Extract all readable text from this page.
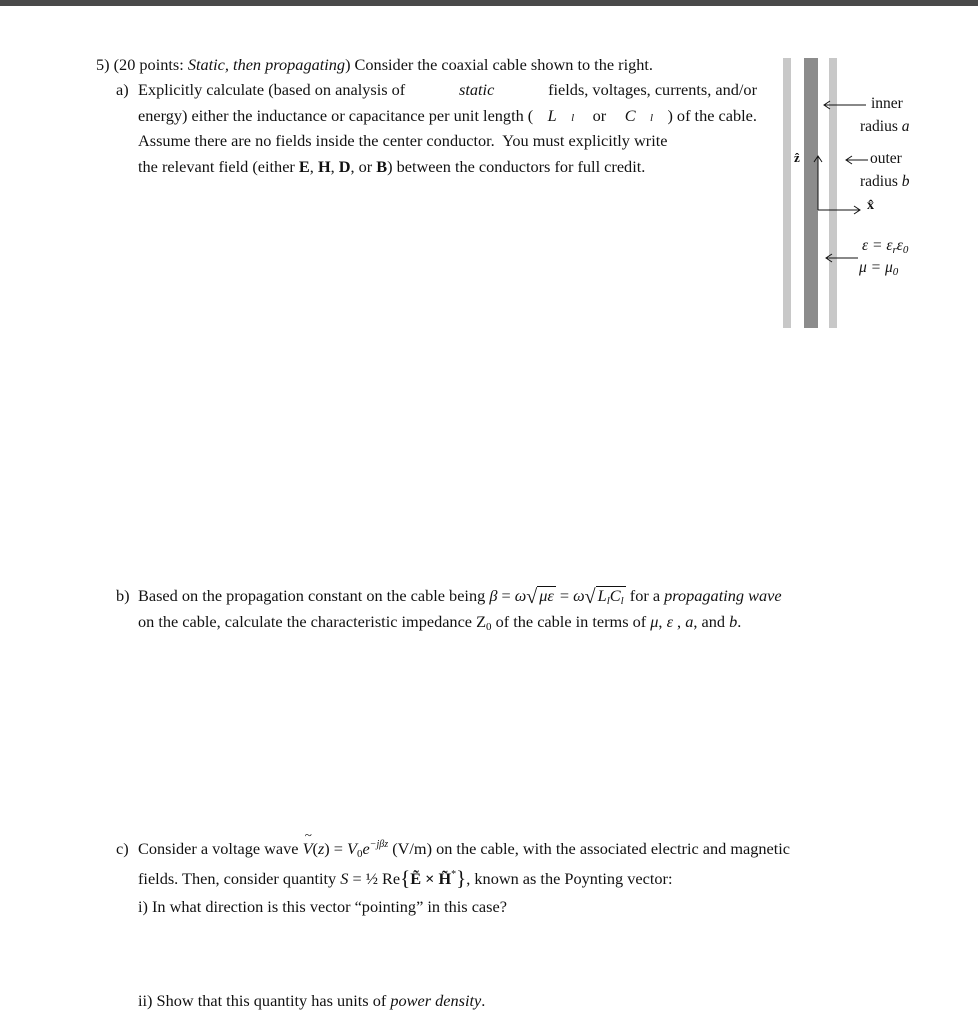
5) (20 points: Static, then propagating) Consider the coaxial cable shown to the right.
a) Explicitly calculate (based on analysis of	static	fields, voltages, currents, and/or
energy) either the inductance or capacitance per unit length ( L l or C l ) of the cable.
Assume there are no fields inside the center conductor.  You must explicitly write
the relevant field (either E, H, D, or B) between the conductors for full credit.
inner
radius a
outer
radius b
ẑ
x̂
ε = εrε0
μ = μ0
b) Based on the propagation constant on the cable being β = ω√ με = ω√ LlCl for a propagating wave
on the cable, calculate the characteristic impedance Z0 of the cable in terms of μ, ε , a, and b.
c) Consider a voltage wave ~ $V(z) = V0e^{-j\beta z}$ (V/m) on the cable, with the associated electric and magnetic
fields. Then, consider quantity S = ½ Re{Ẽ × H̃*}, known as the Poynting vector:
i) In what direction is this vector “pointing” in this case?
ii) Show that this quantity has units of power density.
